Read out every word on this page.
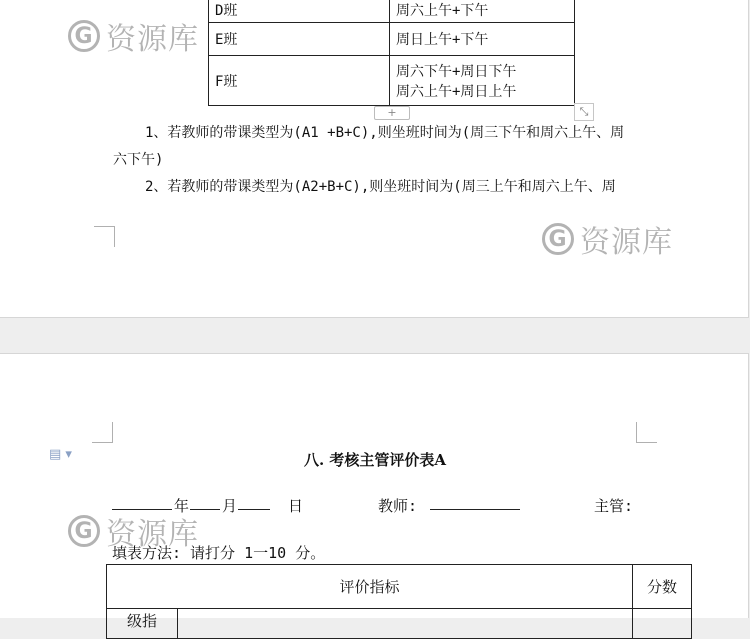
D班	周六上午+下午

E班	周日上午+下午

F班	周六下午+周日下午
周六上午+周日上午
+	⤡
1、若教师的带课类型为(A1 +B+C),则坐班时间为(周三下午和周六上午、周
六下午)
2、若教师的带课类型为(A2+B+C),则坐班时间为(周三上午和周六上午、周
G 资源库
G 资源库
▤ ▾	八. 考核主管评价表A
年 月	日	教师:	主管:
填表方法: 请打分 1一10 分。
评价指标		分数
级指		
G 资源库
